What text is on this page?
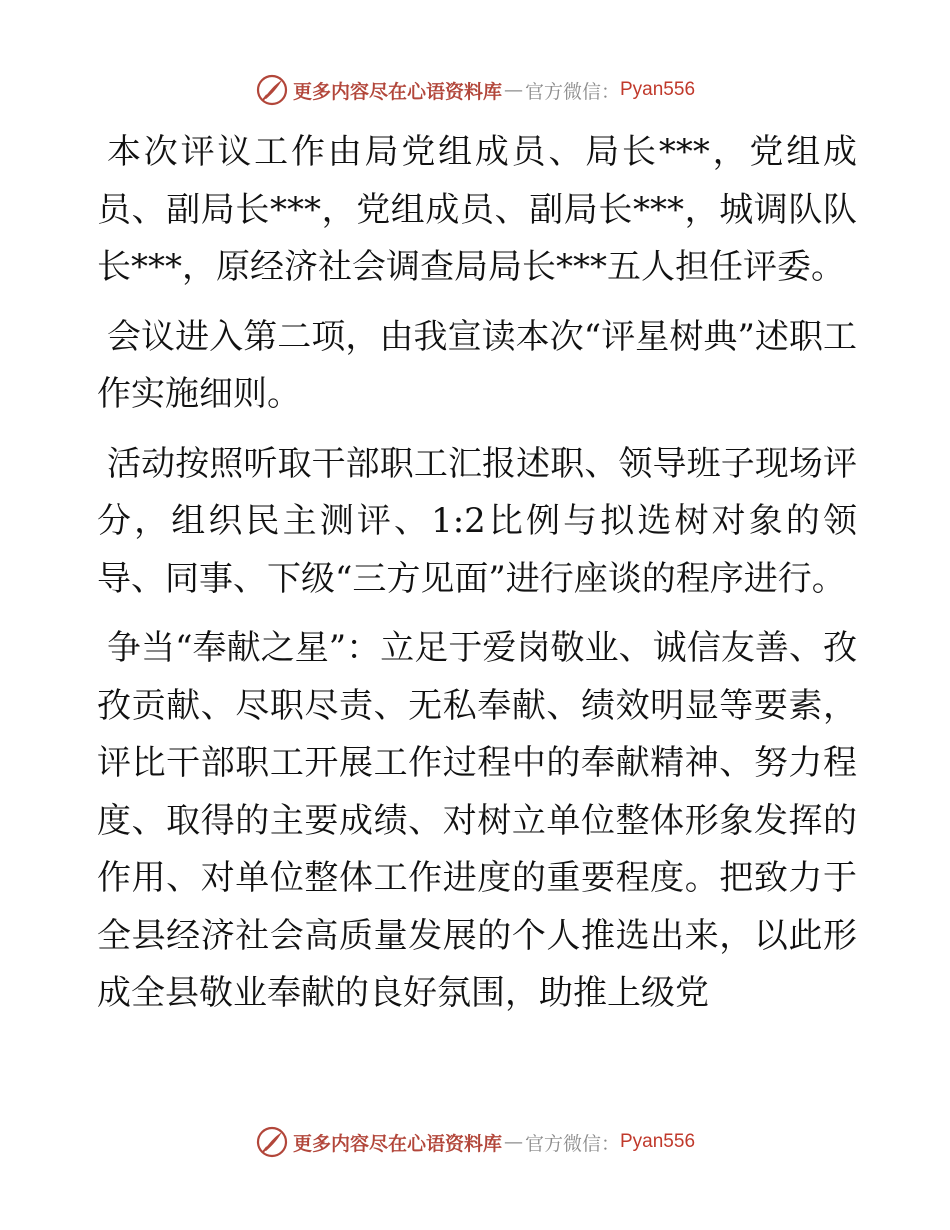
更多内容尽在心语资料库 — 官方微信： Pyan556

本次评议工作由局党组成员、局长***，党组成员、副局长***，党组成员、副局长***，城调队队长***，原经济社会调查局局长***五人担任评委。

会议进入第二项，由我宣读本次“评星树典”述职工作实施细则。

活动按照听取干部职工汇报述职、领导班子现场评分，组织民主测评、1:2比例与拟选树对象的领导、同事、下级“三方见面”进行座谈的程序进行。

争当“奉献之星”：立足于爱岗敬业、诚信友善、孜孜贡献、尽职尽责、无私奉献、绩效明显等要素，评比干部职工开展工作过程中的奉献精神、努力程度、取得的主要成绩、对树立单位整体形象发挥的作用、对单位整体工作进度的重要程度。把致力于全县经济社会高质量发展的个人推选出来，以此形成全县敬业奉献的良好氛围，助推上级党

更多内容尽在心语资料库 — 官方微信： Pyan556
